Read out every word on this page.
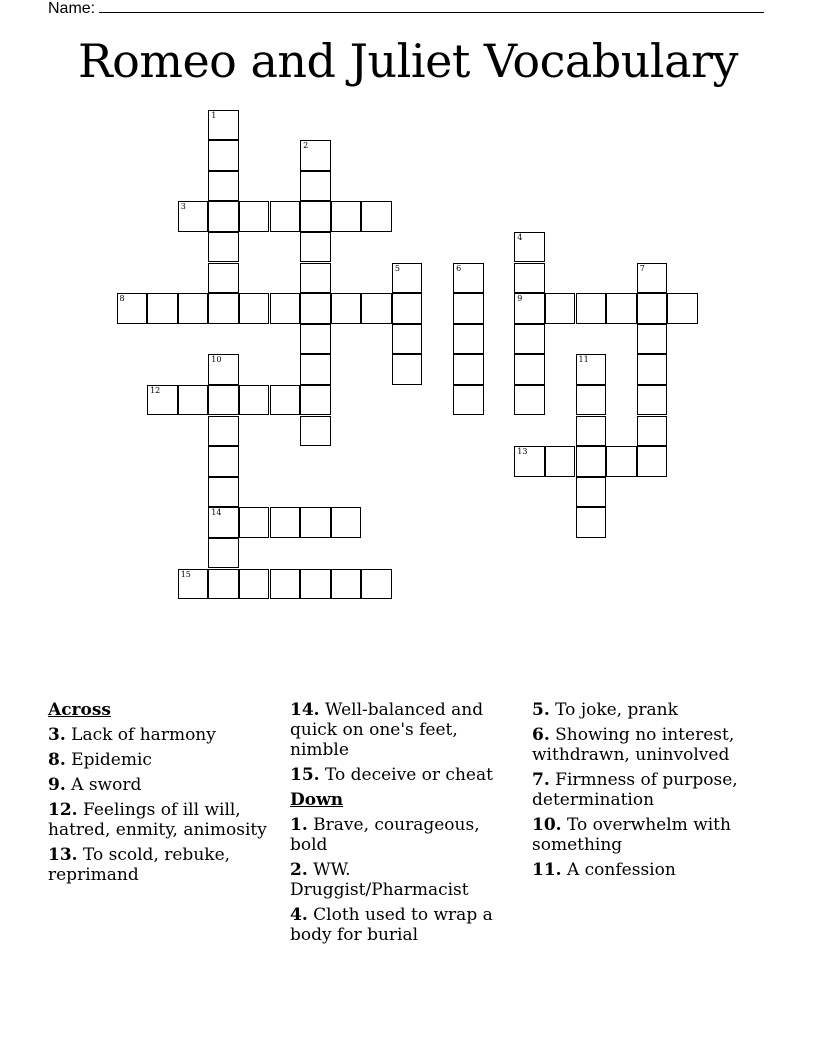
Name:
Romeo and Juliet Vocabulary
1
2
3
4
9
5	6	7
8
10
14
11
12
13
15
Across
3. Lack of harmony
8. Epidemic
9. A sword
12. Feelings of ill will, hatred, enmity, animosity
13. To scold, rebuke, reprimand
14. Well-balanced and quick on one's feet, nimble
15. To deceive or cheat
Down
1. Brave, courageous, bold
2. WW. Druggist/Pharmacist
4. Cloth used to wrap a body for burial
5. To joke, prank
6. Showing no interest, withdrawn, uninvolved
7. Firmness of purpose, determination
10. To overwhelm with something
11. A confession
